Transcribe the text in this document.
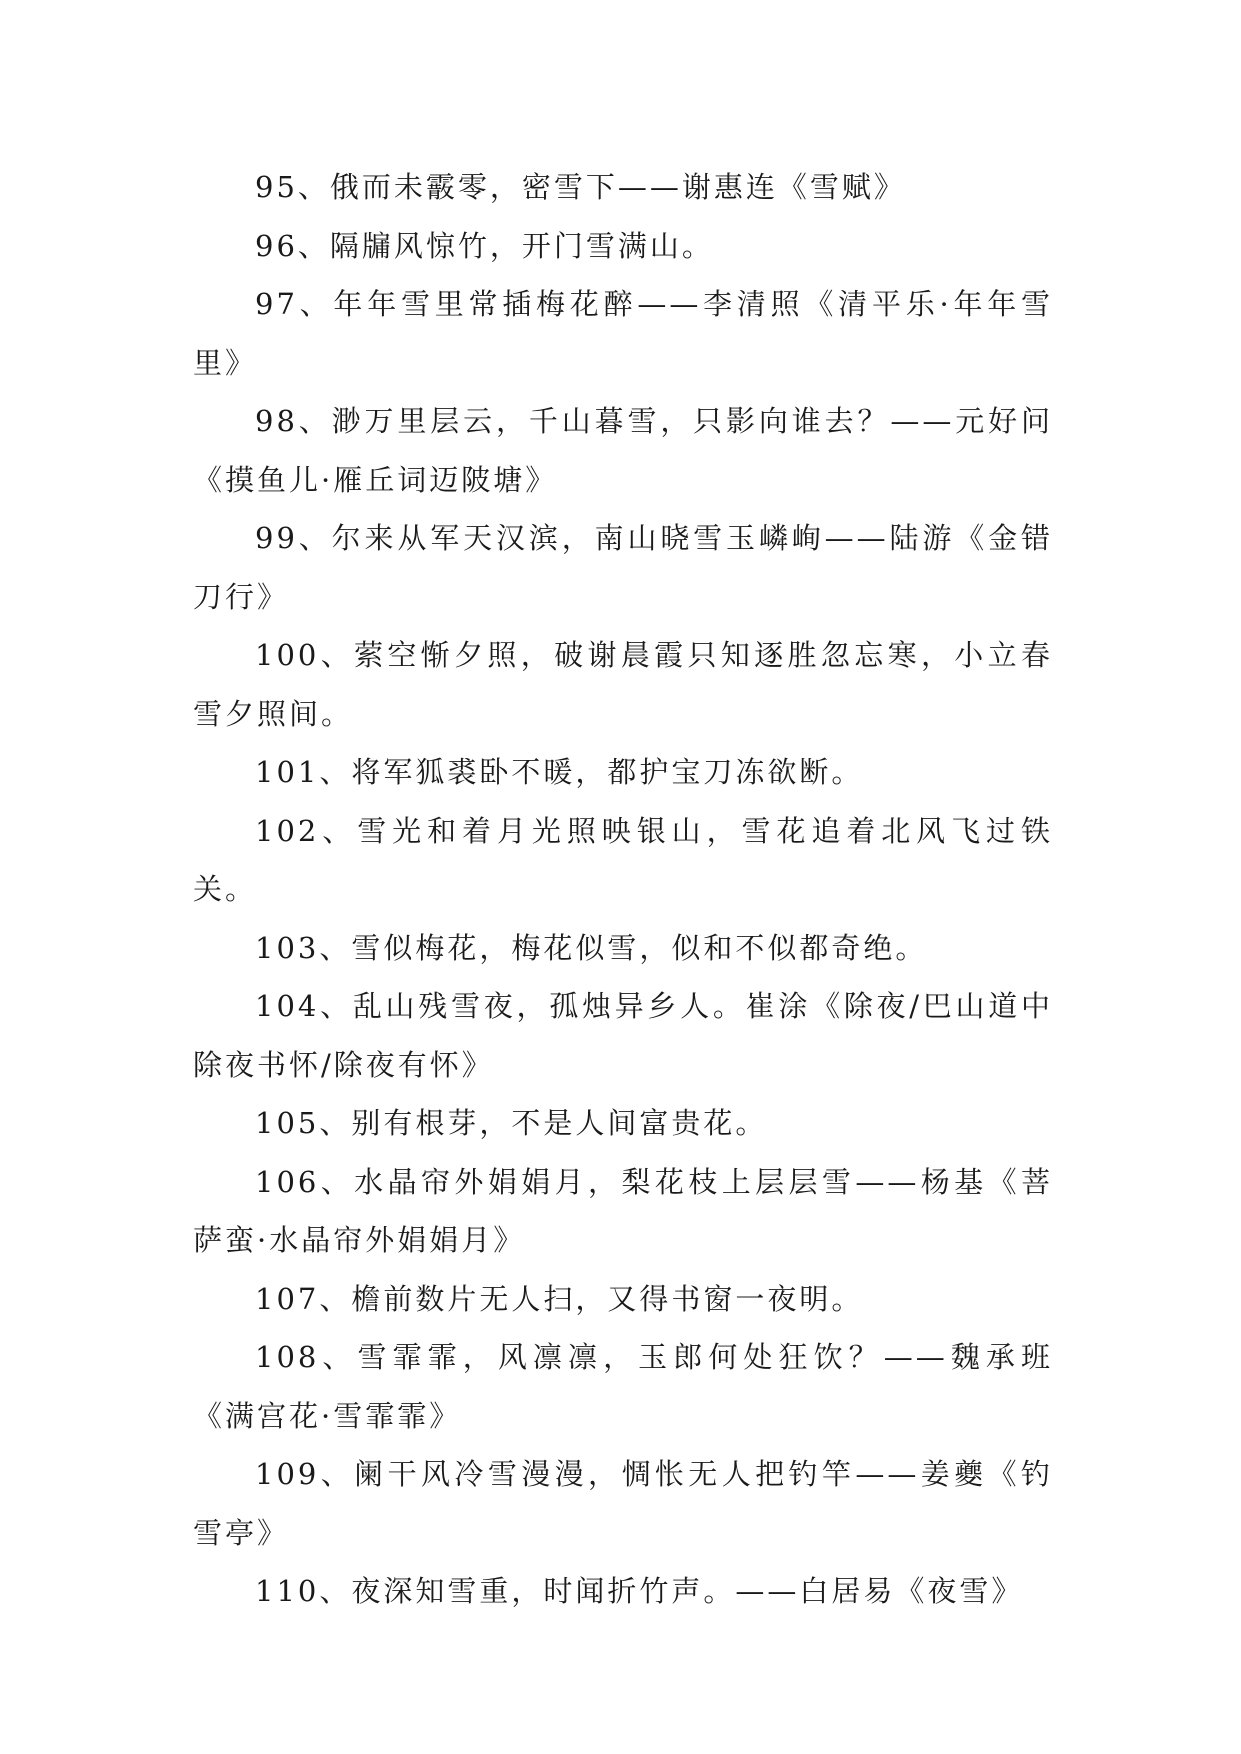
95、俄而未霰零，密雪下——谢惠连《雪赋》

96、隔牖风惊竹，开门雪满山。

97、年年雪里常插梅花醉——李清照《清平乐·年年雪里》

98、渺万里层云，千山暮雪，只影向谁去？——元好问《摸鱼儿·雁丘词迈陂塘》

99、尔来从军天汉滨，南山晓雪玉嶙峋——陆游《金错刀行》

100、萦空惭夕照，破谢晨霞只知逐胜忽忘寒，小立春雪夕照间。

101、将军狐裘卧不暖，都护宝刀冻欲断。

102、雪光和着月光照映银山，雪花追着北风飞过铁关。

103、雪似梅花，梅花似雪，似和不似都奇绝。

104、乱山残雪夜，孤烛异乡人。崔涂《除夜/巴山道中除夜书怀/除夜有怀》

105、别有根芽，不是人间富贵花。

106、水晶帘外娟娟月，梨花枝上层层雪——杨基《菩萨蛮·水晶帘外娟娟月》

107、檐前数片无人扫，又得书窗一夜明。

108、雪霏霏，风凛凛，玉郎何处狂饮？——魏承班《满宫花·雪霏霏》

109、阑干风冷雪漫漫，惆怅无人把钓竿——姜夔《钓雪亭》

110、夜深知雪重，时闻折竹声。——白居易《夜雪》
